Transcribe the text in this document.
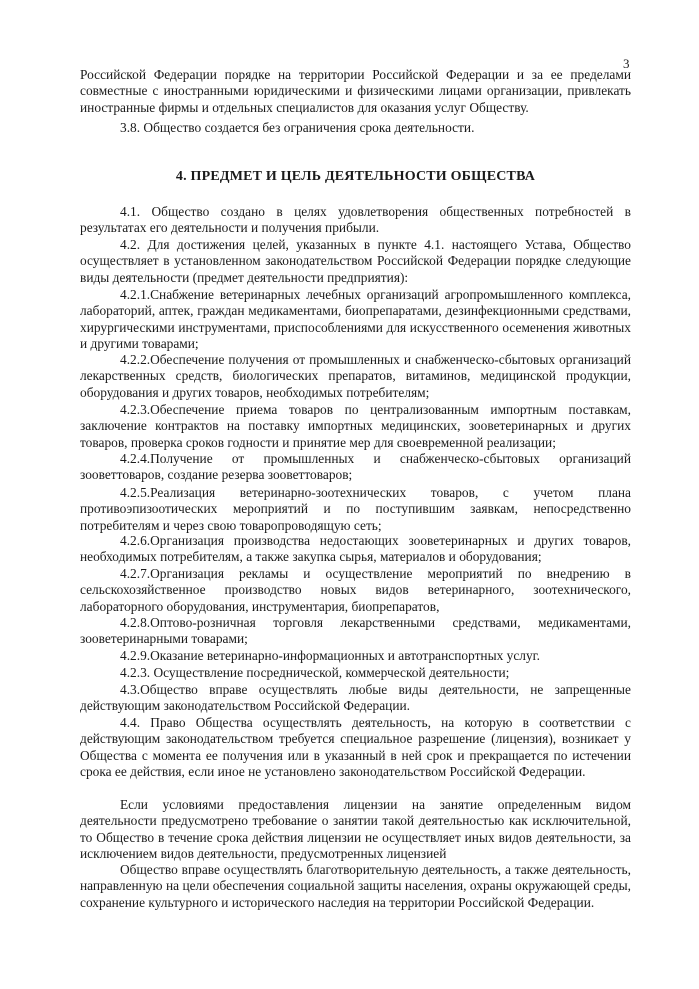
3

Российской Федерации порядке на территории Российской Федерации и за ее пределами совместные с иностранными юридическими и физическими лицами организации, привлекать иностранные фирмы и отдельных специалистов для оказания услуг Обществу.

3.8. Общество создается без ограничения срока деятельности.

4. ПРЕДМЕТ И ЦЕЛЬ ДЕЯТЕЛЬНОСТИ ОБЩЕСТВА

4.1. Общество создано в целях удовлетворения общественных потребностей в результатах его деятельности и получения прибыли.

4.2. Для достижения целей, указанных в пункте 4.1. настоящего Устава, Общество осуществляет в установленном законодательством Российской Федерации порядке следующие виды деятельности (предмет деятельности предприятия):

4.2.1.Снабжение ветеринарных лечебных организаций агропромышленного комплекса, лабораторий, аптек, граждан медикаментами, биопрепаратами, дезинфекционными средствами, хирургическими инструментами, приспособлениями для искусственного осеменения животных и другими товарами;

4.2.2.Обеспечение получения от промышленных и снабженческо-сбытовых организаций лекарственных средств, биологических препаратов, витаминов, медицинской продукции, оборудования и других товаров, необходимых потребителям;

4.2.3.Обеспечение приема товаров по централизованным импортным поставкам, заключение контрактов на поставку импортных медицинских, зооветеринарных и других товаров, проверка сроков годности и принятие мер для своевременной реализации;

4.2.4.Получение от промышленных и снабженческо-сбытовых организаций зооветтоваров, создание резерва зооветтоваров;

4.2.5.Реализация ветеринарно-зоотехнических товаров, с учетом плана противоэпизоотических мероприятий и по поступившим заявкам, непосредственно потребителям и через свою товаропроводящую сеть;

4.2.6.Организация производства недостающих зооветеринарных и других товаров, необходимых потребителям, а также закупка сырья, материалов и оборудования;

4.2.7.Организация рекламы и осуществление мероприятий по внедрению в сельскохозяйственное производство новых видов ветеринарного, зоотехнического, лабораторного оборудования, инструментария, биопрепаратов,

4.2.8.Оптово-розничная торговля лекарственными средствами, медикаментами, зооветеринарными товарами;

4.2.9.Оказание ветеринарно-информационных и автотранспортных услуг.

4.2.3. Осуществление посреднической, коммерческой деятельности;

4.3.Общество вправе осуществлять любые виды деятельности, не запрещенные действующим законодательством Российской Федерации.

4.4. Право Общества осуществлять деятельность, на которую в соответствии с действующим законодательством требуется специальное разрешение (лицензия), возникает у Общества с момента ее получения или в указанный в ней срок и прекращается по истечении срока ее действия, если иное не установлено законодательством Российской Федерации.

Если условиями предоставления лицензии на занятие определенным видом деятельности предусмотрено требование о занятии такой деятельностью как исключительной, то Общество в течение срока действия лицензии не осуществляет иных видов деятельности, за исключением видов деятельности, предусмотренных лицензией

Общество вправе осуществлять благотворительную деятельность, а также деятельность, направленную на цели обеспечения социальной защиты населения, охраны окружающей среды, сохранение культурного и исторического наследия на территории Российской Федерации.
